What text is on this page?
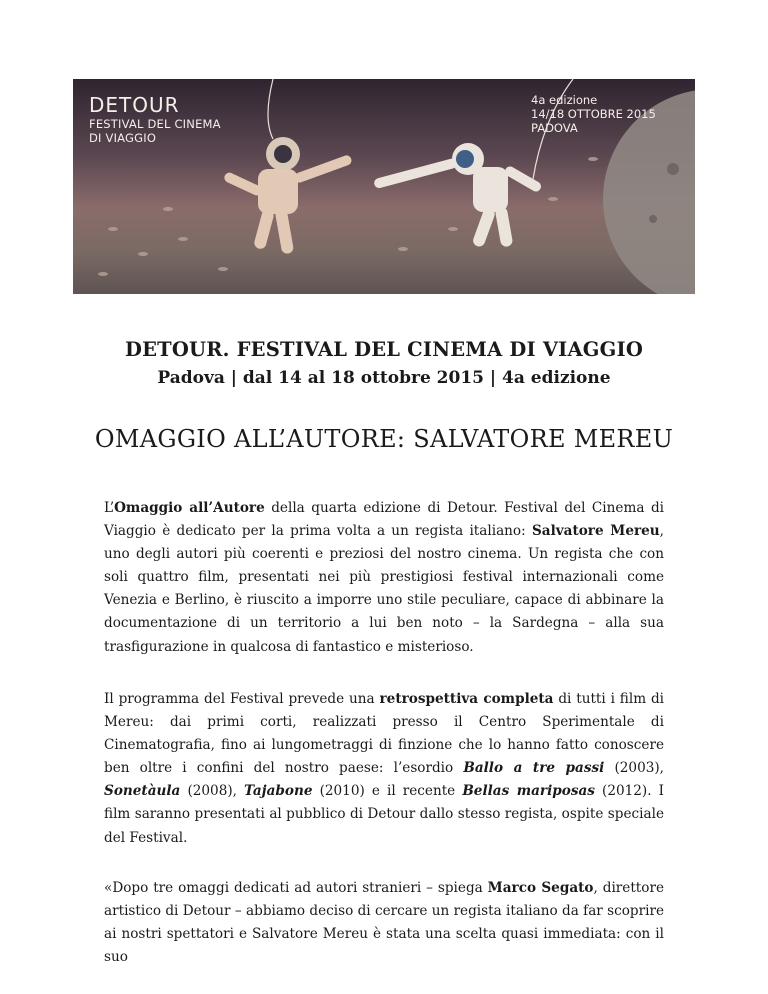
DETOUR
FESTIVAL DEL CINEMA
DI VIAGGIO
4a edizione
14/18 OTTOBRE 2015
PADOVA
DETOUR. FESTIVAL DEL CINEMA DI VIAGGIO
Padova | dal 14 al 18 ottobre 2015 | 4a edizione
OMAGGIO ALL’AUTORE: SALVATORE MEREU
L’Omaggio all’Autore della quarta edizione di Detour. Festival del Cinema di Viaggio è dedicato per la prima volta a un regista italiano: Salvatore Mereu, uno degli autori più coerenti e preziosi del nostro cinema. Un regista che con soli quattro film, presentati nei più prestigiosi festival internazionali come Venezia e Berlino, è riuscito a imporre uno stile peculiare, capace di abbinare la documentazione di un territorio a lui ben noto – la Sardegna – alla sua trasfigurazione in qualcosa di fantastico e misterioso.
Il programma del Festival prevede una retrospettiva completa di tutti i film di Mereu: dai primi corti, realizzati presso il Centro Sperimentale di Cinematografia, fino ai lungometraggi di finzione che lo hanno fatto conoscere ben oltre i confini del nostro paese: l’esordio Ballo a tre passi (2003), Sonetàula (2008), Tajabone (2010) e il recente Bellas mariposas (2012). I film saranno presentati al pubblico di Detour dallo stesso regista, ospite speciale del Festival.
«Dopo tre omaggi dedicati ad autori stranieri – spiega Marco Segato, direttore artistico di Detour – abbiamo deciso di cercare un regista italiano da far scoprire ai nostri spettatori e Salvatore Mereu è stata una scelta quasi immediata: con il suo
